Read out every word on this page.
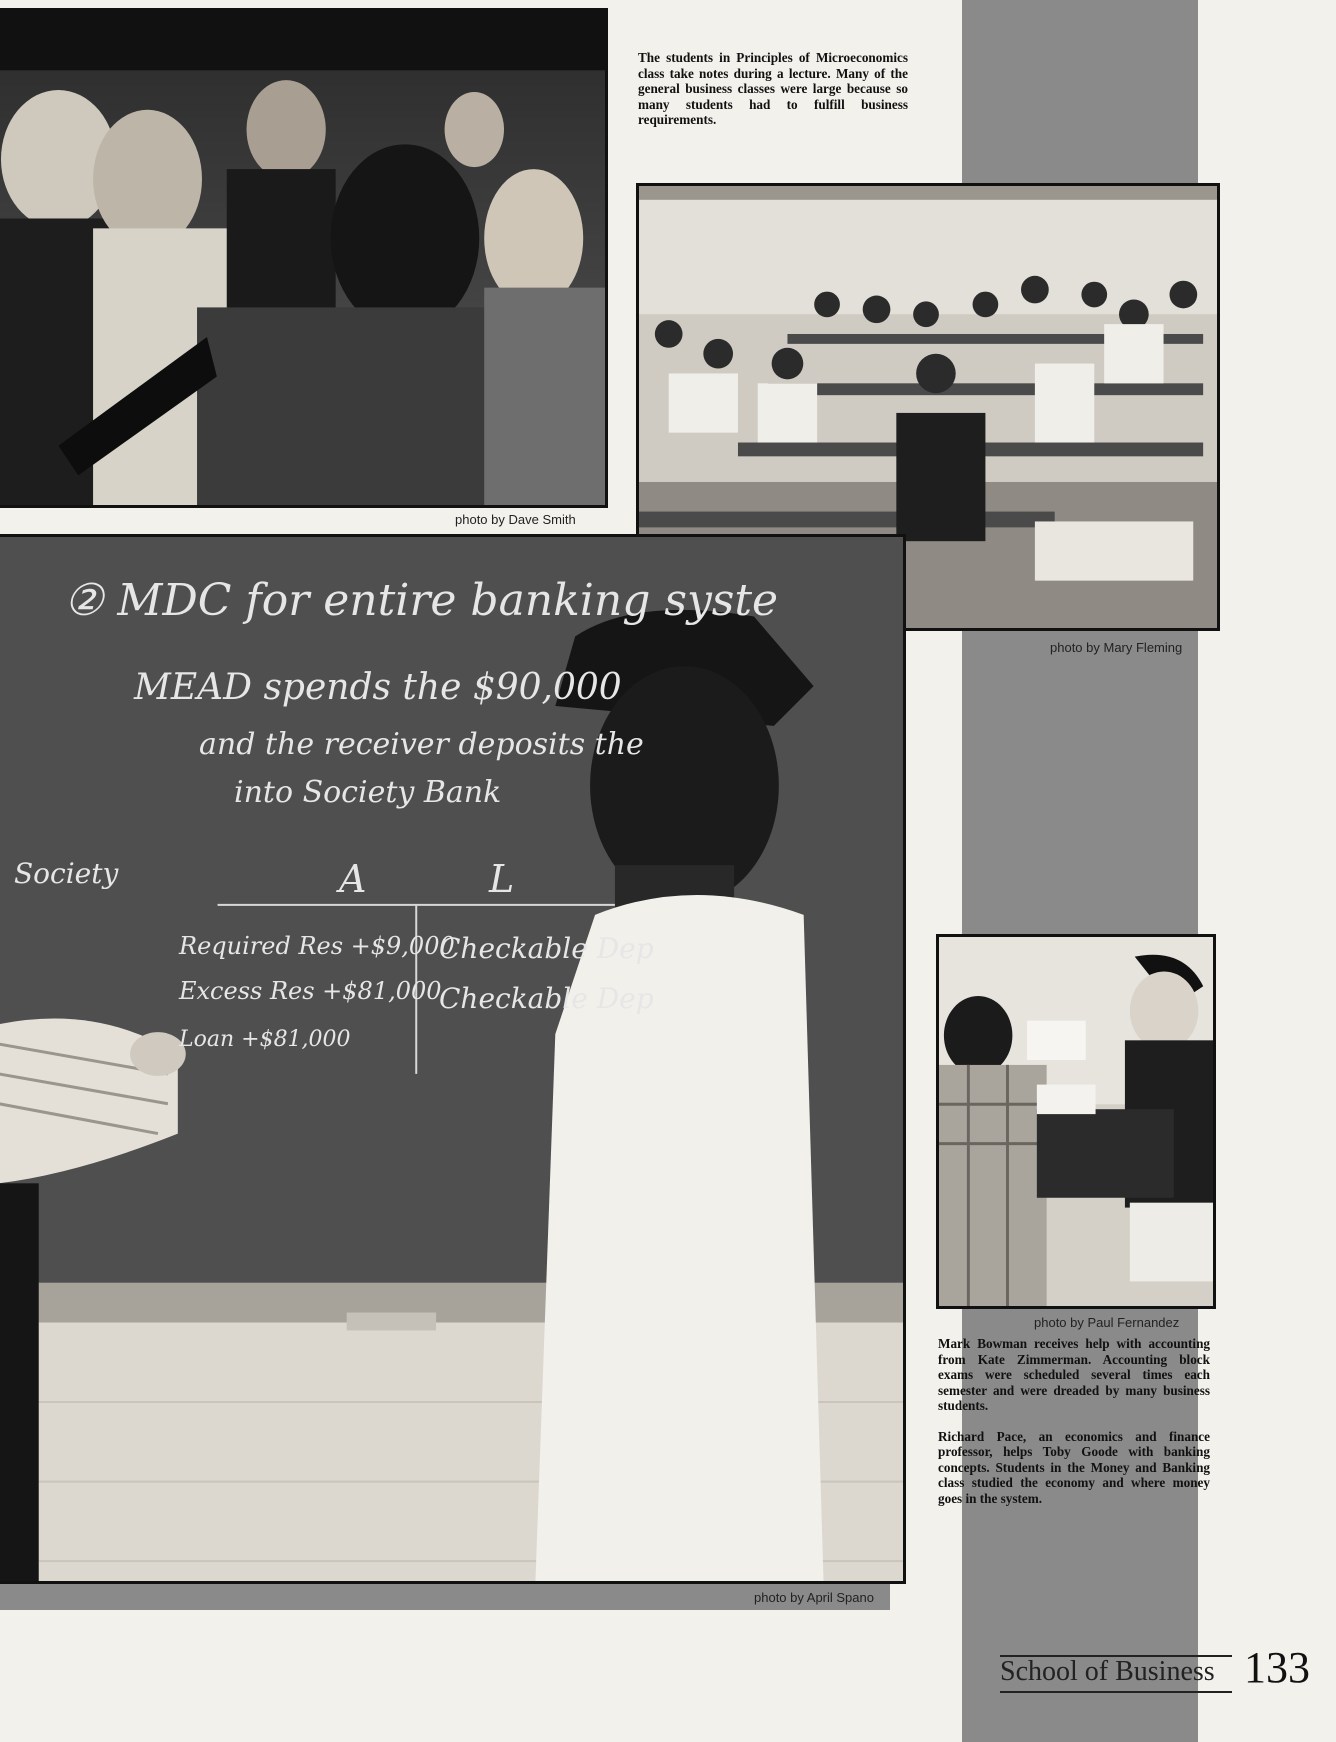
photo by Dave Smith
The students in Principles of Microeconomics class take notes during a lecture. Many of the general business classes were large because so many students had to fulfill business requirements.
photo by Mary Fleming
② MDC for entire banking syste
MEAD spends the $90,000
and the receiver deposits the
into Society Bank
A	L
Society
Required Res +$9,000
Checkable Dep
Excess Res +$81,000
Checkable Dep
Loan +$81,000
photo by April Spano
photo by Paul Fernandez

Mark Bowman receives help with accounting from Kate Zimmerman. Accounting block exams were scheduled several times each semester and were dreaded by many business students.

Richard Pace, an economics and finance professor, helps Toby Goode with banking concepts. Students in the Money and Banking class studied the economy and where money goes in the system.

School of Business 133
